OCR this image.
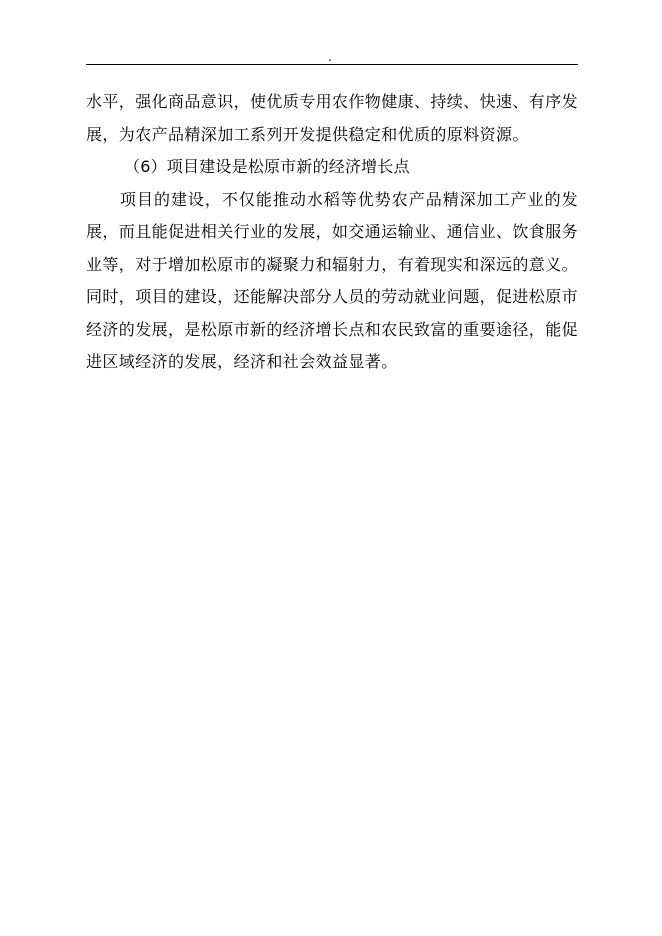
.

水平，强化商品意识，使优质专用农作物健康、持续、快速、有序发展，为农产品精深加工系列开发提供稳定和优质的原料资源。

（6）项目建设是松原市新的经济增长点

项目的建设，不仅能推动水稻等优势农产品精深加工产业的发展，而且能促进相关行业的发展，如交通运输业、通信业、饮食服务业等，对于增加松原市的凝聚力和辐射力，有着现实和深远的意义。同时，项目的建设，还能解决部分人员的劳动就业问题，促进松原市经济的发展，是松原市新的经济增长点和农民致富的重要途径，能促进区域经济的发展，经济和社会效益显著。
